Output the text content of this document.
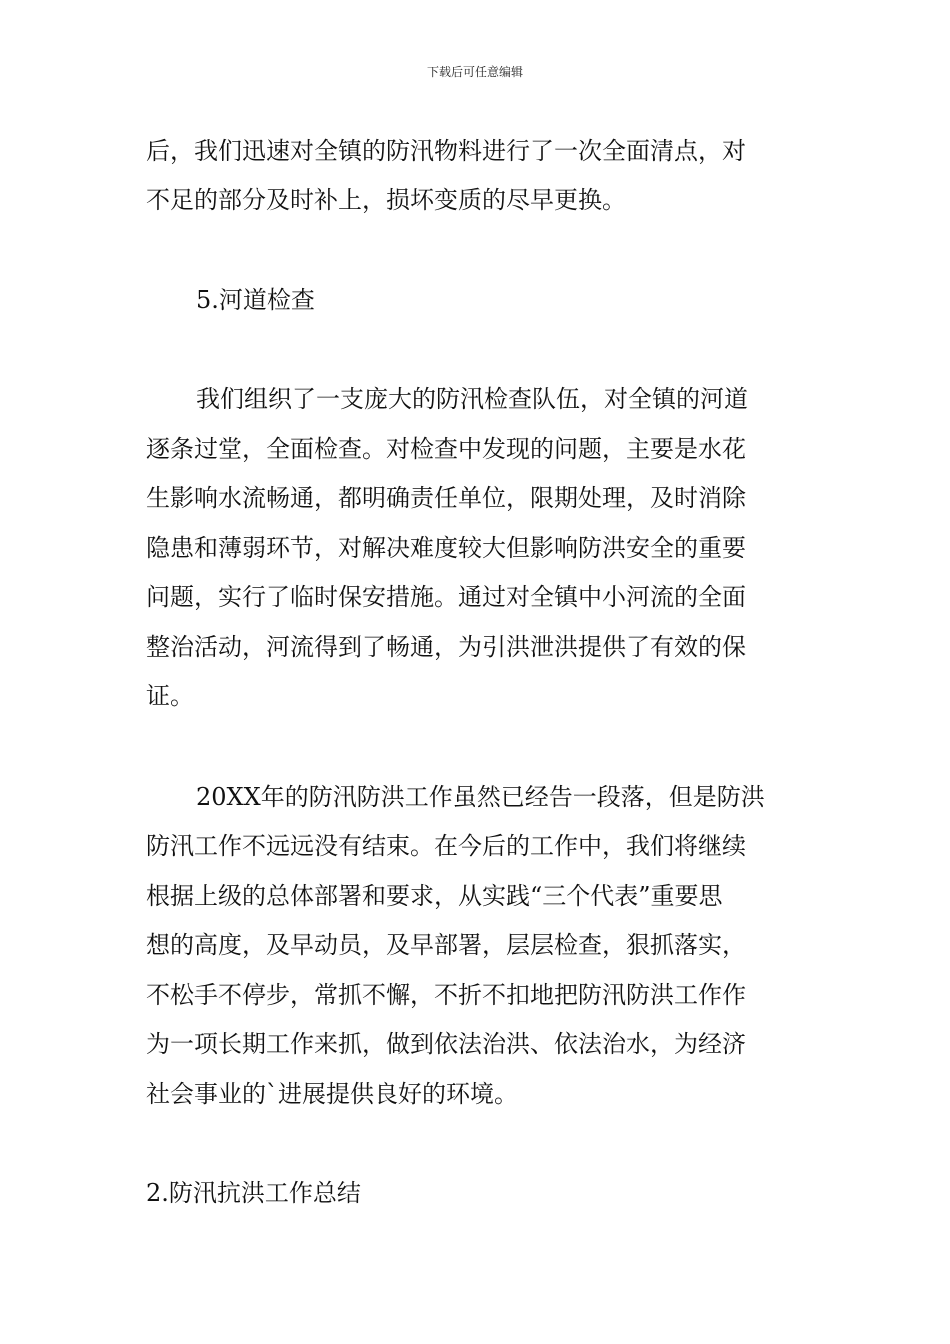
下载后可任意编辑
后，我们迅速对全镇的防汛物料进行了一次全面清点，对
不足的部分及时补上，损坏变质的尽早更换。
5.河道检查
我们组织了一支庞大的防汛检查队伍，对全镇的河道
逐条过堂，全面检查。对检查中发现的问题，主要是水花
生影响水流畅通，都明确责任单位，限期处理，及时消除
隐患和薄弱环节，对解决难度较大但影响防洪安全的重要
问题，实行了临时保安措施。通过对全镇中小河流的全面
整治活动，河流得到了畅通，为引洪泄洪提供了有效的保
证。
20XX年的防汛防洪工作虽然已经告一段落，但是防洪
防汛工作不远远没有结束。在今后的工作中，我们将继续
根据上级的总体部署和要求，从实践“三个代表”重要思
想的高度，及早动员，及早部署，层层检查，狠抓落实，
不松手不停步，常抓不懈，不折不扣地把防汛防洪工作作
为一项长期工作来抓，做到依法治洪、依法治水，为经济
社会事业的`进展提供良好的环境。
2.防汛抗洪工作总结
